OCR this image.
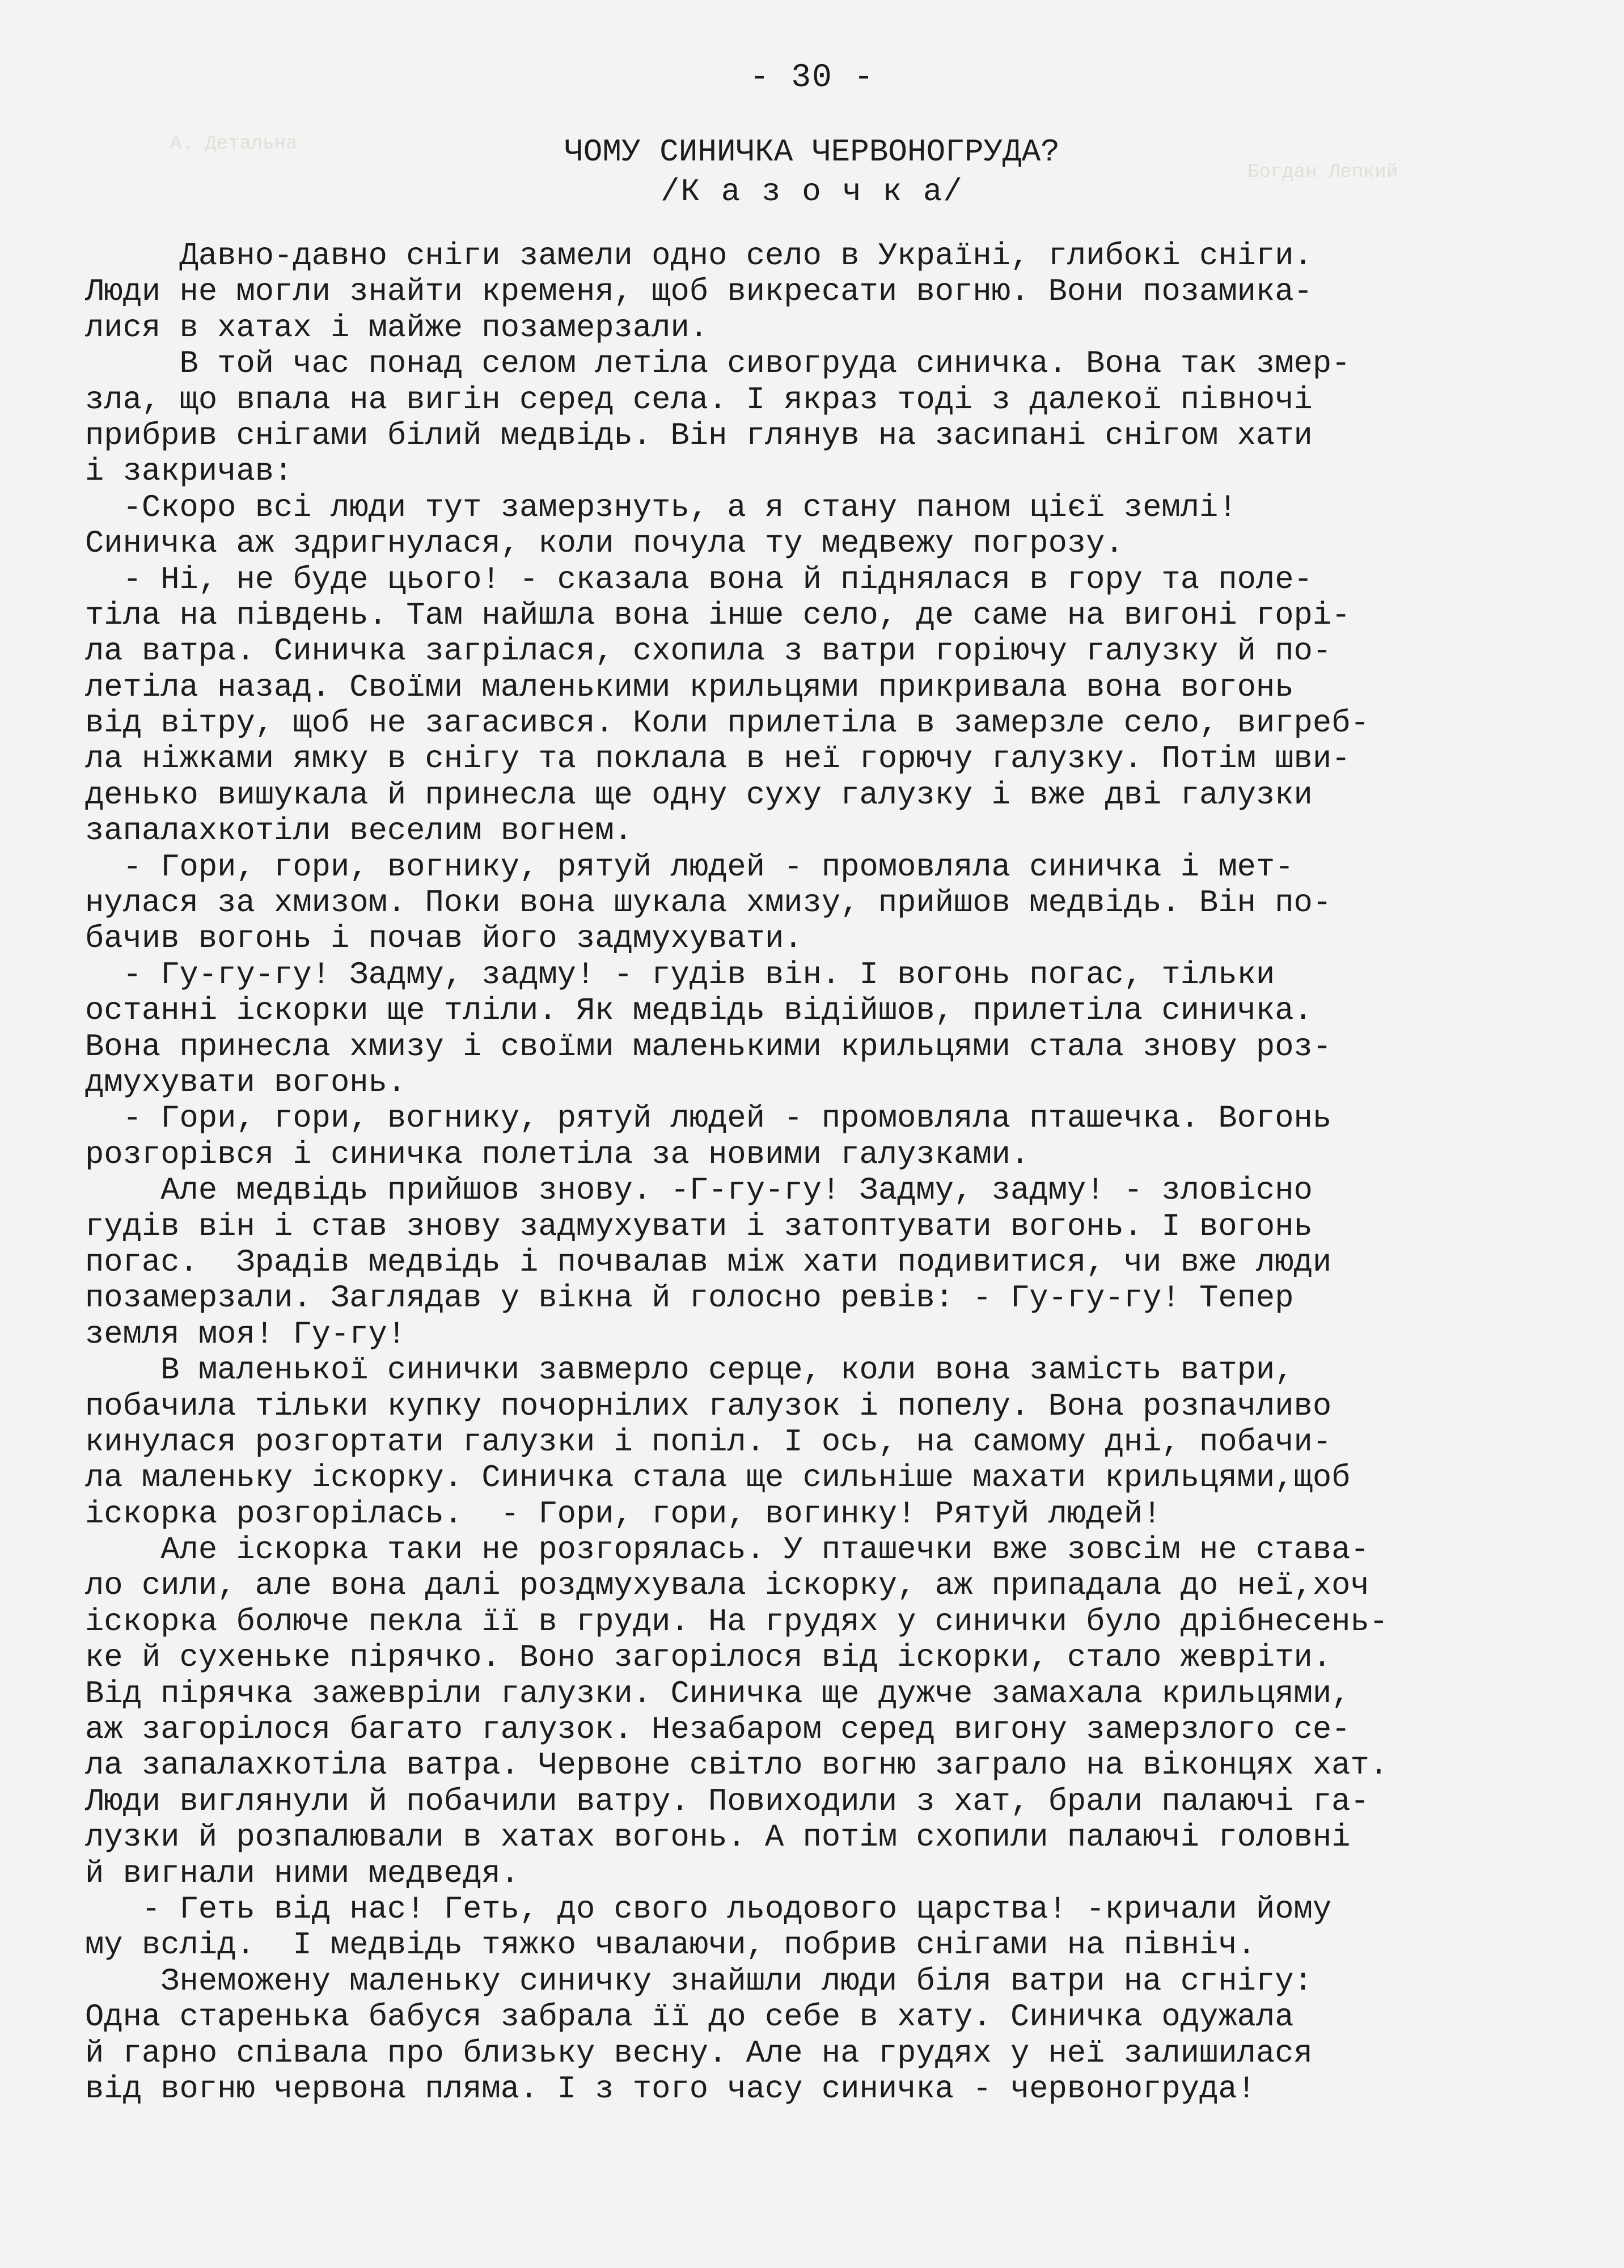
А. Детальна
Богдан Лепкий
- 30 -
ЧОМУ СИНИЧКА ЧЕРВОНОГРУДА?
/К а з о ч к а/
Давно-давно сніги замели одно село в Україні, глибокі сніги.
Люди не могли знайти кременя, щоб викресати вогню. Вони позамика-
лися в хатах і майже позамерзали.
В той час понад селом летіла сивогруда синичка. Вона так змер-
зла, що впала на вигін серед села. І якраз тоді з далекої півночі
прибрив снігами білий медвідь. Він глянув на засипані снігом хати
і закричав:
-Скоро всі люди тут замерзнуть, а я стану паном цієї землі!
Синичка аж здригнулася, коли почула ту медвежу погрозу.
- Ні, не буде цього! - сказала вона й піднялася в гору та поле-
тіла на південь. Там найшла вона інше село, де саме на вигоні горі-
ла ватра. Синичка загрілася, схопила з ватри горіючу галузку й по-
летіла назад. Своїми маленькими крильцями прикривала вона вогонь
від вітру, щоб не загасився. Коли прилетіла в замерзле село, вигреб-
ла ніжками ямку в снігу та поклала в неї горючу галузку. Потім шви-
денько вишукала й принесла ще одну суху галузку і вже дві галузки
запалахкотіли веселим вогнем.
- Гори, гори, вогнику, рятуй людей - промовляла синичка і мет-
нулася за хмизом. Поки вона шукала хмизу, прийшов медвідь. Він по-
бачив вогонь і почав його задмухувати.
- Гу-гу-гу! Задму, задму! - гудів він. І вогонь погас, тільки
останні іскорки ще тліли. Як медвідь відійшов, прилетіла синичка.
Вона принесла хмизу і своїми маленькими крильцями стала знову роз-
дмухувати вогонь.
- Гори, гори, вогнику, рятуй людей - промовляла пташечка. Вогонь
розгорівся і синичка полетіла за новими галузками.
Але медвідь прийшов знову. -Г-гу-гу! Задму, задму! - зловісно
гудів він і став знову задмухувати і затоптувати вогонь. І вогонь
погас.  Зрадів медвідь і почвалав між хати подивитися, чи вже люди
позамерзали. Заглядав у вікна й голосно ревів: - Гу-гу-гу! Тепер
земля моя! Гу-гу!
В маленької синички завмерло серце, коли вона замість ватри,
побачила тільки купку почорнілих галузок і попелу. Вона розпачливо
кинулася розгортати галузки і попіл. І ось, на самому дні, побачи-
ла маленьку іскорку. Синичка стала ще сильніше махати крильцями,щоб
іскорка розгорілась.  - Гори, гори, вогинку! Рятуй людей!
Але іскорка таки не розгорялась. У пташечки вже зовсім не става-
ло сили, але вона далі роздмухувала іскорку, аж припадала до неї,хоч
іскорка болюче пекла її в груди. На грудях у синички було дрібнесень-
ке й сухеньке пірячко. Воно загорілося від іскорки, стало жеврiти.
Від пірячка зажеврiли галузки. Синичка ще дужче замахала крильцями,
аж загорілося багато галузок. Незабаром серед вигону замерзлого се-
ла запалахкотіла ватра. Червоне світло вогню заграло на віконцях хат.
Люди виглянули й побачили ватру. Повиходили з хат, брали палаючі га-
лузки й розпалювали в хатах вогонь. А потім схопили палаючі головні
й вигнали ними медведя.
- Геть від нас! Геть, до свого льодового царства! -кричали йому
му вслід.  І медвідь тяжко чвалаючи, побрив снігами на північ.
Знеможену маленьку синичку знайшли люди біля ватри на сгнігу:
Одна старенька бабуся забрала її до себе в хату. Синичка одужала
й гарно співала про близьку весну. Але на грудях у неї залишилася
від вогню червона пляма. І з того часу синичка - червоногруда!
